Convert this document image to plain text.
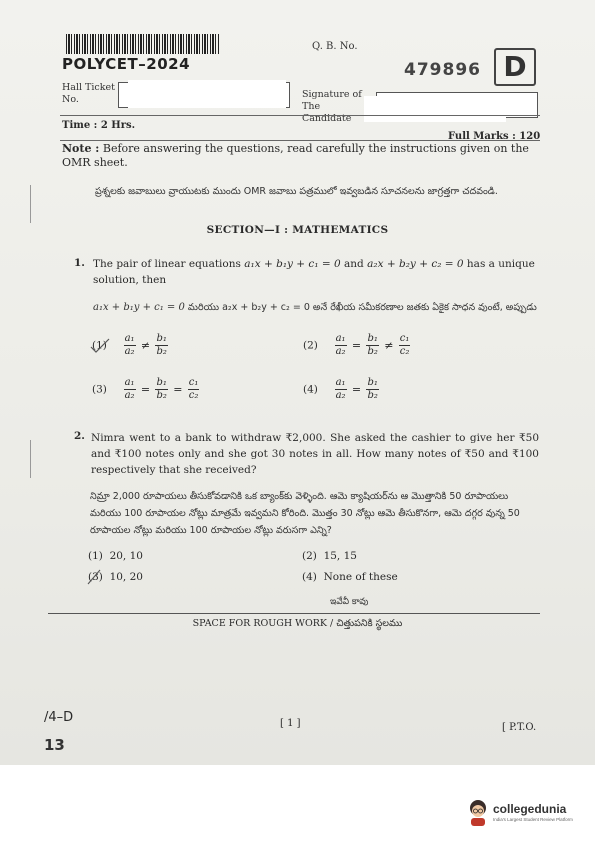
POLYCET–2024
Q. B. No.
479896 D
Hall Ticket No.	Signature of The Candidate
Time : 2 Hrs.
Full Marks : 120
Note : Before answering the questions, read carefully the instructions given on the OMR sheet.
ప్రశ్నలకు జవాబులు వ్రాయుటకు ముందు OMR జవాబు పత్రములో ఇవ్వబడిన సూచనలను జాగ్రత్తగా చదవండి.
SECTION—I : MATHEMATICS
1. The pair of linear equations a₁x + b₁y + c₁ = 0 and a₂x + b₂y + c₂ = 0 has a unique
solution, then
a₁x + b₁y + c₁ = 0 మరియు a₂x + b₂y + c₂ = 0 అనే రేఖీయ సమీకరణాల జతకు ఏకైక సాధన వుంటే, అప్పుడు
$(1) \frac{\text{a₁}}{\text{a₂}} \ne \frac{\text{b₁}}{\text{b₂}}$	$(2) \frac{\text{a₁}}{\text{a₂}} = \frac{\text{b₁}}{\text{b₂}} \ne \frac{\text{c₁}}{\text{c₂}}$
$(3) \frac{\text{a₁}}{\text{a₂}} = \frac{\text{b₁}}{\text{b₂}} = \frac{\text{c₁}}{\text{c₂}}$	$(4) \frac{\text{a₁}}{\text{a₂}} = \frac{\text{b₁}}{\text{b₂}}$
2. Nimra went to a bank to withdraw ₹2,000. She asked the cashier to give her ₹50 and ₹100 notes only and she got 30 notes in all. How many notes of ₹50 and ₹100 respectively that she received?
నిమ్రా 2,000 రూపాయలు తీసుకోవడానికి ఒక బ్యాంక్‌కు వెళ్ళింది. ఆమె క్యాషియర్‌ను ఆ మొత్తానికి 50 రూపాయలు మరియు 100 రూపాయల నోట్లు మాత్రమే ఇవ్వమని కోరింది. మొత్తం 30 నోట్లు ఆమె తీసుకొనగా, ఆమె దగ్గర వున్న 50 రూపాయల నోట్లు మరియు 100 రూపాయల నోట్లు వరుసగా ఎన్ని?
(1) 20, 10	(2) 15, 15
(3) 10, 20	(4) None of these
ఇవేవీ కావు
SPACE FOR ROUGH WORK / చిత్తుపనికి స్థలము
/4–D	[ 1 ]	[ P.T.O.
13
collegedunia
India's Largest Student Review Platform
